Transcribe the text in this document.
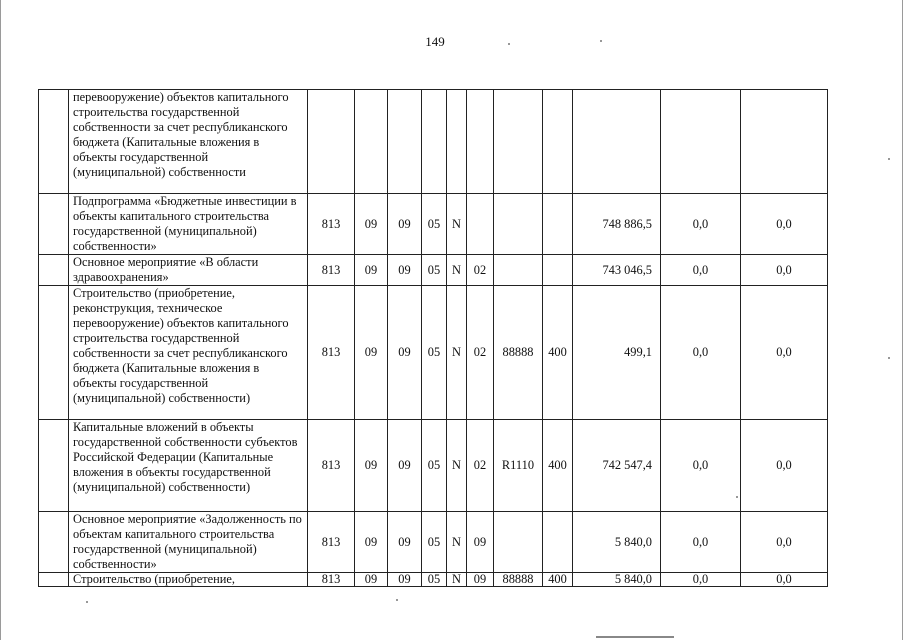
149
	перевооружение) объектов капитального строительства государственной собственности за счет республиканского бюджета (Капитальные вложения в объекты государственной (муниципальной) собственности											
	Подпрограмма «Бюджетные инвестиции в объекты капитального строительства государственной (муниципальной) собственности»	813	09	09	05	N				748 886,5	0,0	0,0
	Основное мероприятие «В области здравоохранения»	813	09	09	05	N	02			743 046,5	0,0	0,0
	Строительство (приобретение, реконструкция, техническое перевооружение) объектов капитального строительства государственной собственности за счет республиканского бюджета (Капитальные вложения в объекты государственной (муниципальной) собственности)	813	09	09	05	N	02	88888	400	499,1	0,0	0,0
	Капитальные вложений в объекты государственной собственности субъектов Российской Федерации (Капитальные вложения в объекты государственной (муниципальной) собственности)	813	09	09	05	N	02	R1110	400	742 547,4	0,0	0,0
	Основное мероприятие «Задолженность по объектам капитального строительства государственной (муниципальной) собственности»	813	09	09	05	N	09			5 840,0	0,0	0,0
	Строительство (приобретение,	813	09	09	05	N	09	88888	400	5 840,0	0,0	0,0
